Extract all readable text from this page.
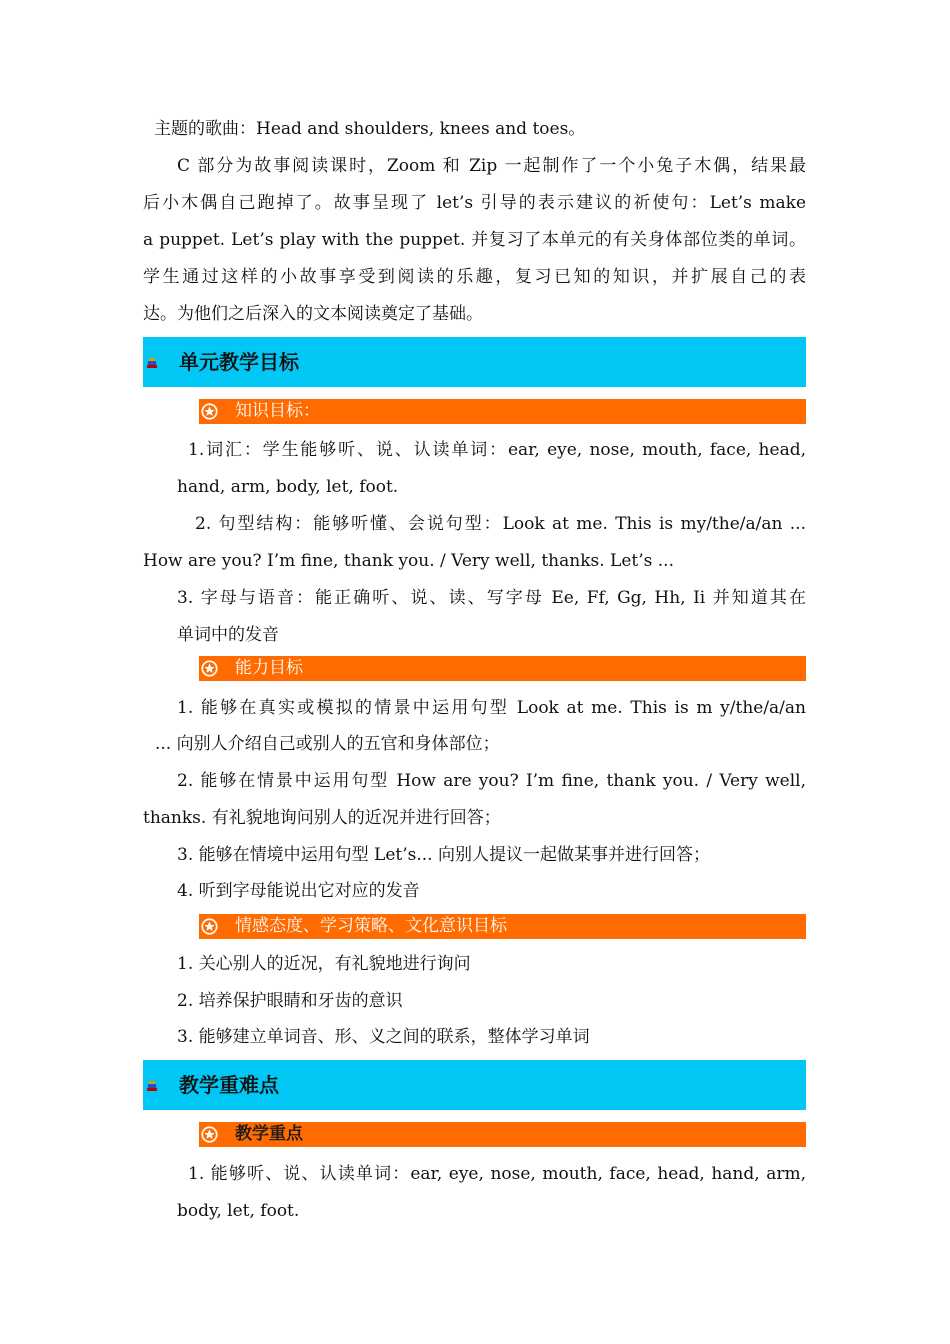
主题的歌曲：Head and shoulders, knees and toes。
C 部分为故事阅读课时，Zoom 和 Zip 一起制作了一个小兔子木偶，结果最
后小木偶自己跑掉了。故事呈现了 let’s 引导的表示建议的祈使句：Let’s make
a puppet. Let’s play with the puppet. 并复习了本单元的有关身体部位类的单词。
学生通过这样的小故事享受到阅读的乐趣，复习已知的知识，并扩展自己的表
达。为他们之后深入的文本阅读奠定了基础。
单元教学目标
知识目标：
1.词汇：学生能够听、说、认读单词：ear, eye, nose, mouth, face, head,
hand, arm, body, let, foot.
2. 句型结构：能够听懂、会说句型：Look at me. This is my/the/a/an ...
How are you? I’m fine, thank you. / Very well, thanks. Let’s ...
3. 字母与语音：能正确听、说、读、写字母 Ee, Ff, Gg, Hh, Ii 并知道其在
单词中的发音
能力目标
1. 能够在真实或模拟的情景中运用句型 Look at me. This is m y/the/a/an
... 向别人介绍自己或别人的五官和身体部位；
2. 能够在情景中运用句型 How are you? I’m fine, thank you. / Very well,
thanks. 有礼貌地询问别人的近况并进行回答；
3. 能够在情境中运用句型 Let’s... 向别人提议一起做某事并进行回答；
4. 听到字母能说出它对应的发音
情感态度、学习策略、文化意识目标
1. 关心别人的近况，有礼貌地进行询问
2. 培养保护眼睛和牙齿的意识
3. 能够建立单词音、形、义之间的联系，整体学习单词
教学重难点
教学重点
1. 能够听、说、认读单词：ear, eye, nose, mouth, face, head, hand, arm,
body, let, foot.
